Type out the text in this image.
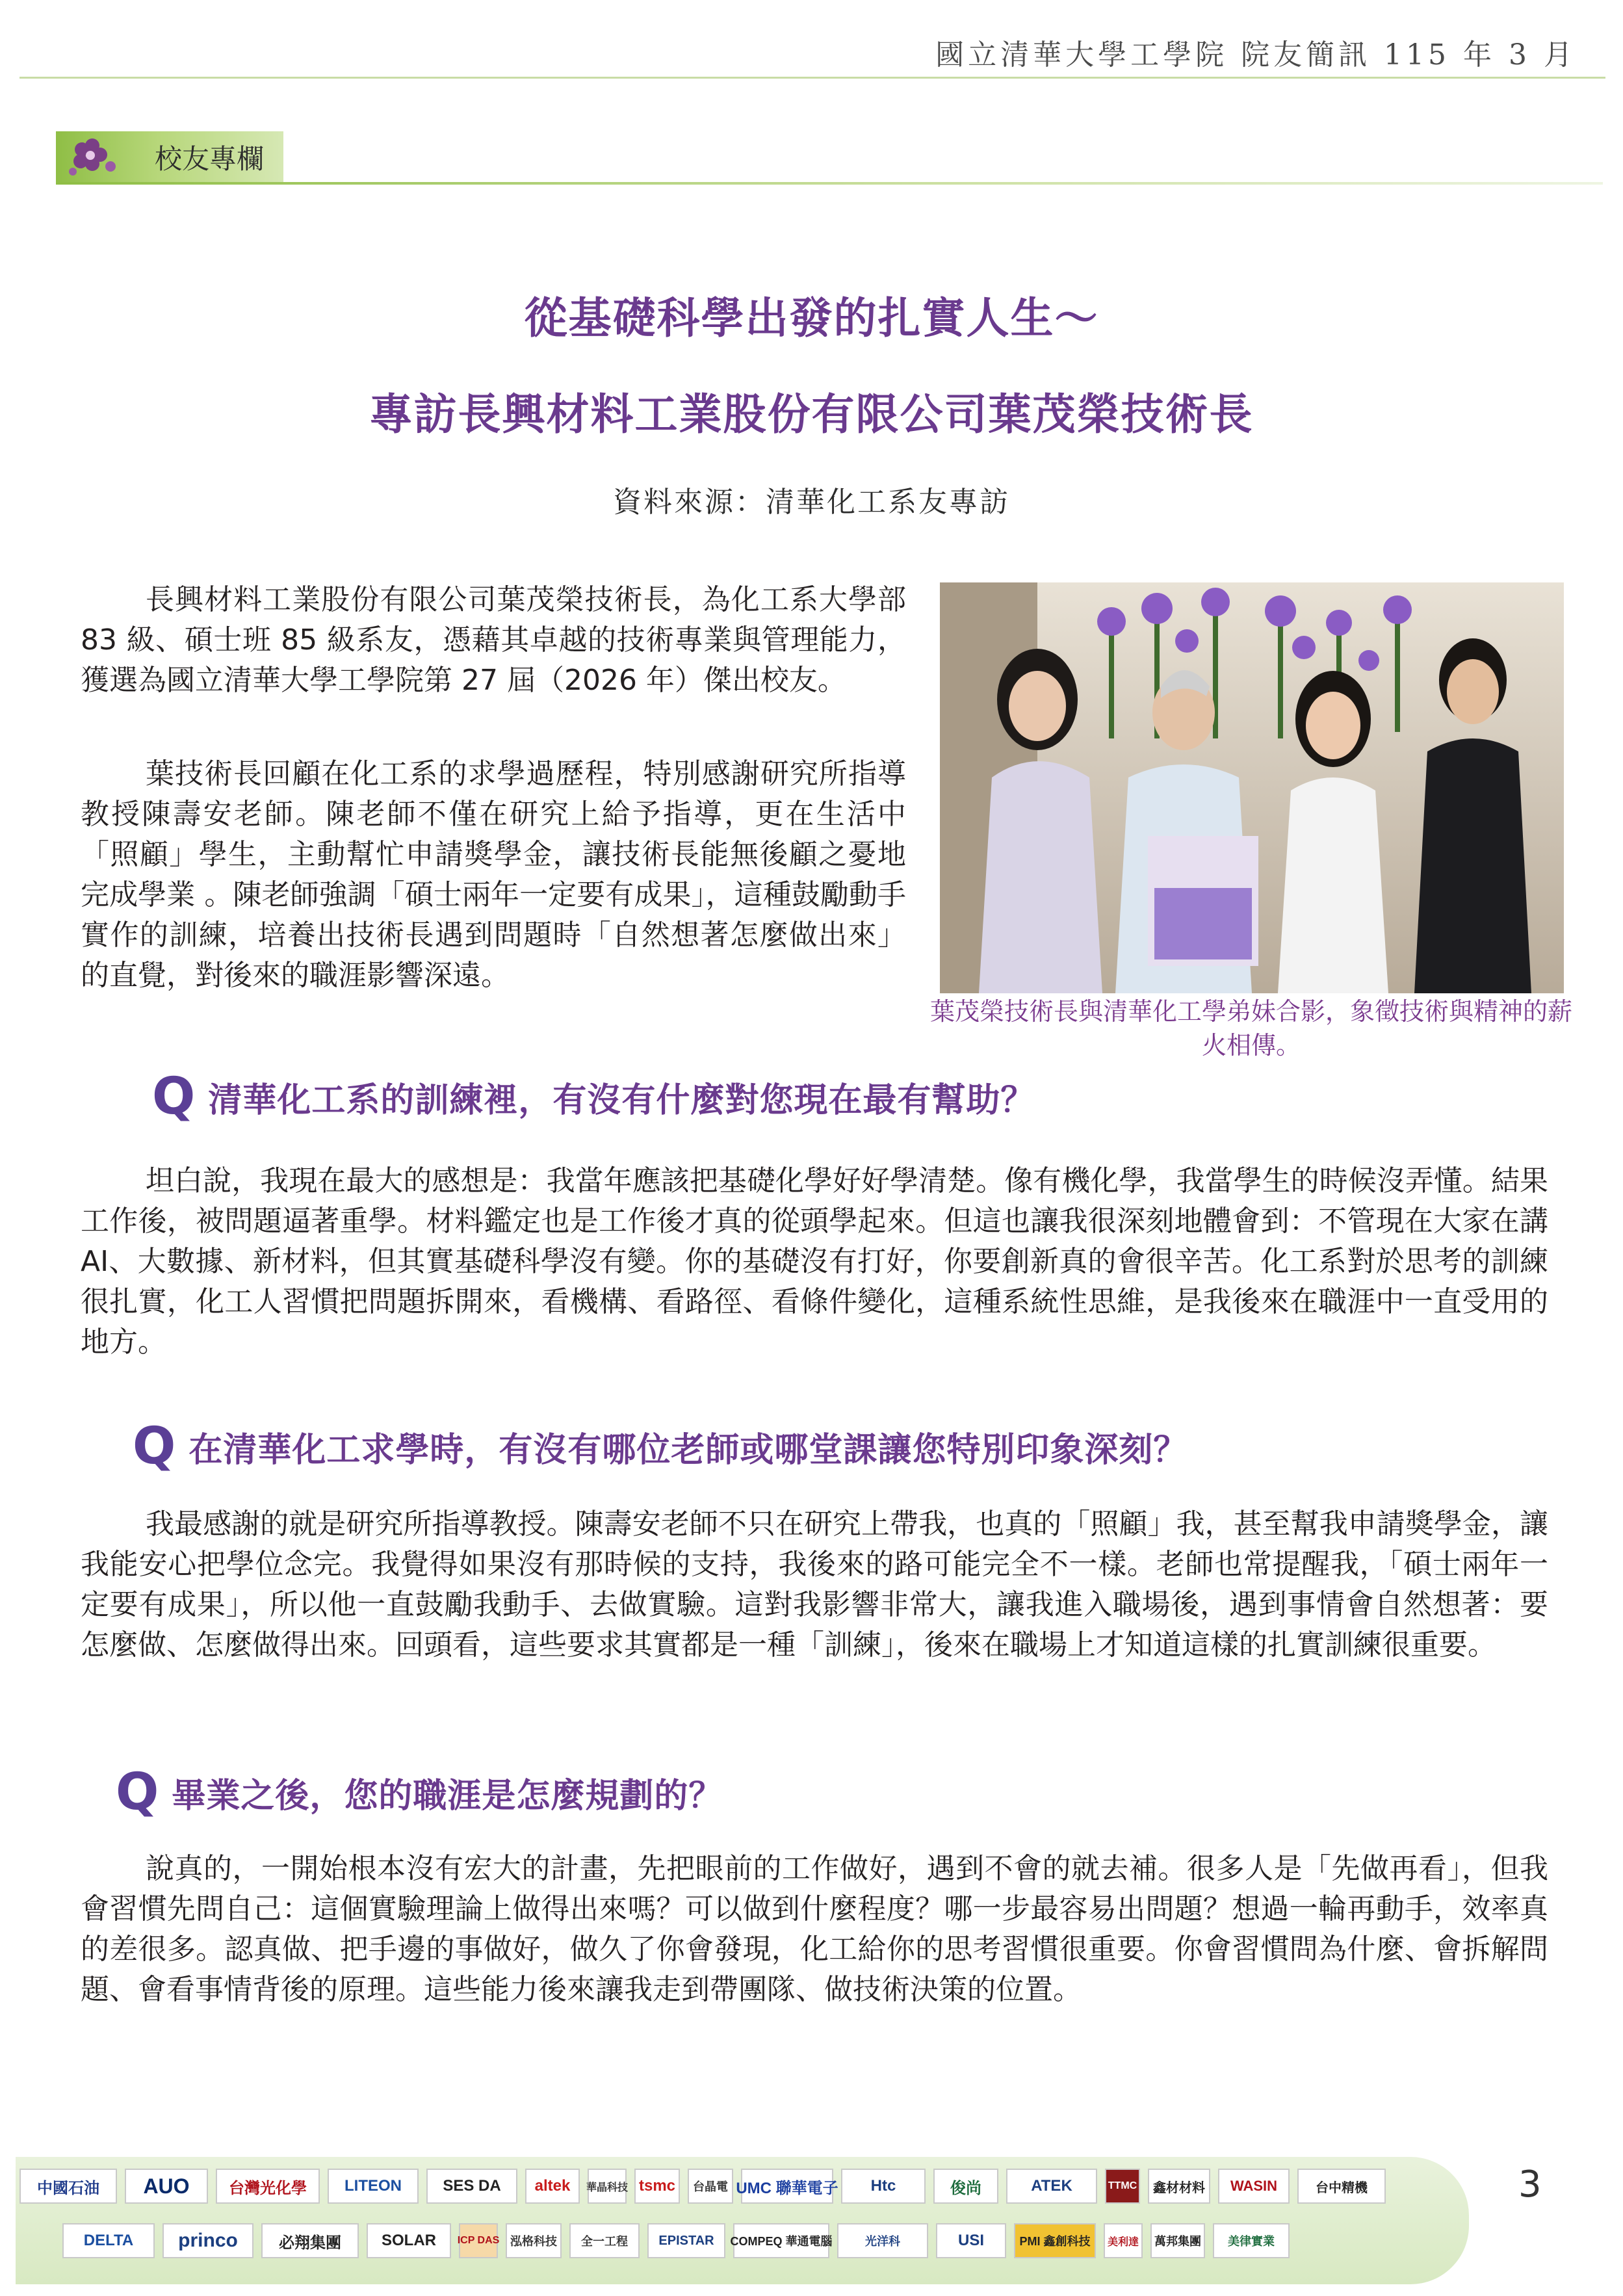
國立清華大學工學院 院友簡訊 115 年 3 月
校友專欄
從基礎科學出發的扎實人生～
專訪長興材料工業股份有限公司葉茂榮技術長
資料來源：清華化工系友專訪

長興材料工業股份有限公司葉茂榮技術長，為化工系大學部 83 級、碩士班 85 級系友，憑藉其卓越的技術專業與管理能力，獲選為國立清華大學工學院第 27 屆（2026 年）傑出校友。

葉技術長回顧在化工系的求學過歷程，特別感謝研究所指導教授陳壽安老師。陳老師不僅在研究上給予指導，更在生活中「照顧」學生，主動幫忙申請獎學金，讓技術長能無後顧之憂地完成學業 。陳老師強調「碩士兩年一定要有成果」，這種鼓勵動手實作的訓練，培養出技術長遇到問題時「自然想著怎麼做出來」的直覺，對後來的職涯影響深遠。

葉茂榮技術長與清華化工學弟妹合影，象徵技術與精神的薪火相傳。
Q 清華化工系的訓練裡，有沒有什麼對您現在最有幫助？

坦白說，我現在最大的感想是：我當年應該把基礎化學好好學清楚。像有機化學，我當學生的時候沒弄懂。結果工作後，被問題逼著重學。材料鑑定也是工作後才真的從頭學起來。但這也讓我很深刻地體會到：不管現在大家在講 AI、大數據、新材料，但其實基礎科學沒有變。你的基礎沒有打好，你要創新真的會很辛苦。化工系對於思考的訓練很扎實，化工人習慣把問題拆開來，看機構、看路徑、看條件變化，這種系統性思維，是我後來在職涯中一直受用的地方。

Q 在清華化工求學時，有沒有哪位老師或哪堂課讓您特別印象深刻？

我最感謝的就是研究所指導教授。陳壽安老師不只在研究上帶我，也真的「照顧」我，甚至幫我申請獎學金，讓我能安心把學位念完。我覺得如果沒有那時候的支持，我後來的路可能完全不一樣。老師也常提醒我，「碩士兩年一定要有成果」，所以他一直鼓勵我動手、去做實驗。這對我影響非常大，讓我進入職場後，遇到事情會自然想著：要怎麼做、怎麼做得出來。回頭看，這些要求其實都是一種「訓練」，後來在職場上才知道這樣的扎實訓練很重要。

Q 畢業之後，您的職涯是怎麼規劃的？

說真的，一開始根本沒有宏大的計畫，先把眼前的工作做好，遇到不會的就去補。很多人是「先做再看」，但我會習慣先問自己：這個實驗理論上做得出來嗎？可以做到什麼程度？哪一步最容易出問題？想過一輪再動手，效率真的差很多。認真做、把手邊的事做好，做久了你會發現，化工給你的思考習慣很重要。你會習慣問為什麼、會拆解問題、會看事情背後的原理。這些能力後來讓我走到帶團隊、做技術決策的位置。

中國石油	AUO	台灣光化學	LITEON	SES DA	altek	華晶科技 tsmc	台晶電 UMC 聯華電子	Htc	俊尚	ATEK	TTMC	鑫材材料	WASIN	台中精機
DELTA	princo	必翔集團	SOLAR	ICP DAS 泓格科技	全一工程	EPISTAR	COMPEQ 華通電腦	光洋科	USI	PMI 鑫創科技	美利達	萬邦集團	美律實業
3
